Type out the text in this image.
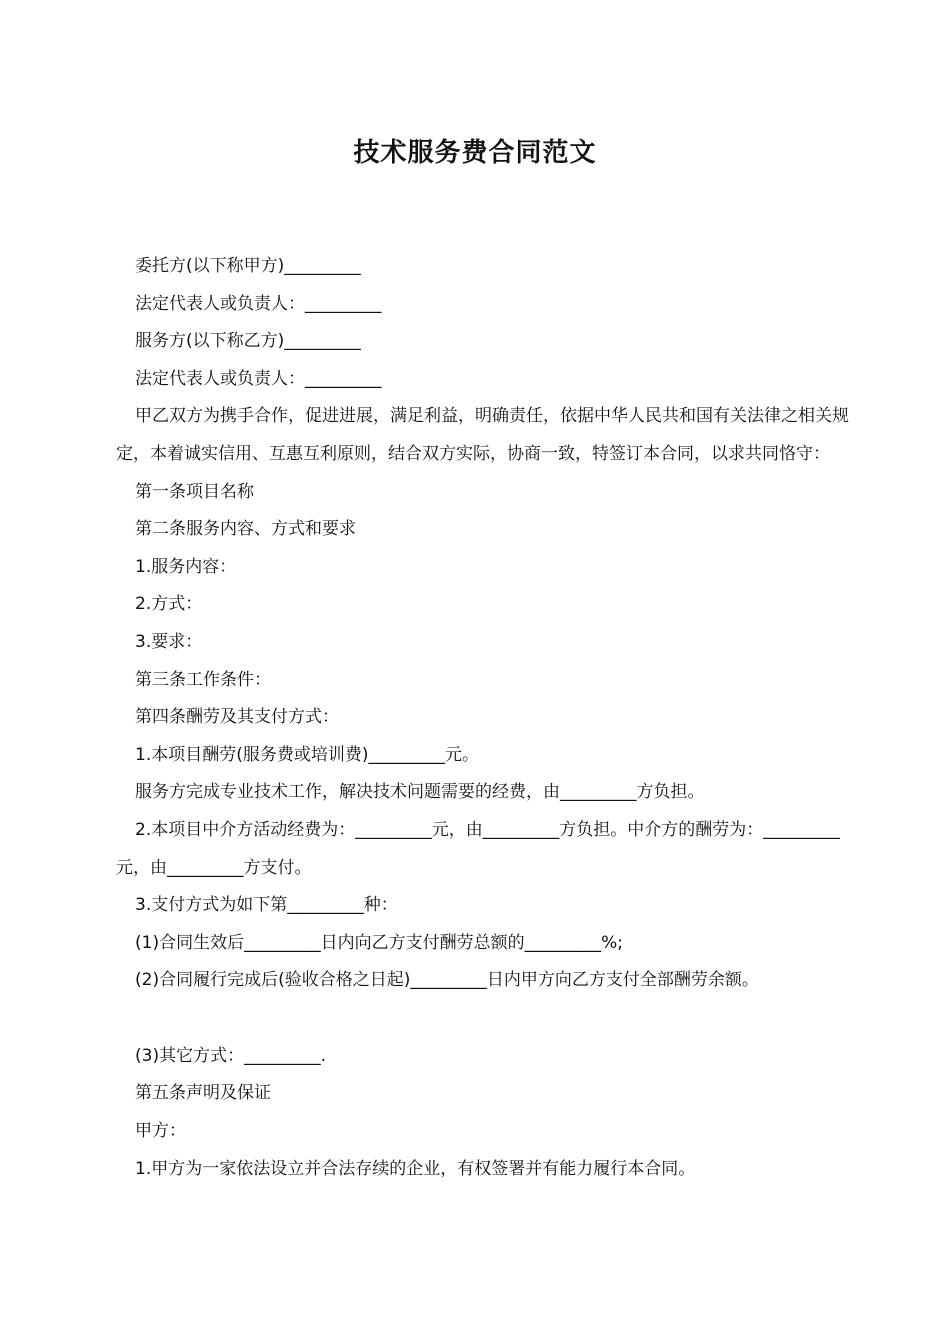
技术服务费合同范文

委托方(以下称甲方)_________

法定代表人或负责人：_________

服务方(以下称乙方)_________

法定代表人或负责人：_________

甲乙双方为携手合作，促进进展，满足利益，明确责任，依据中华人民共和国有关法律之相关规定，本着诚实信用、互惠互利原则，结合双方实际，协商一致，特签订本合同，以求共同恪守：

第一条项目名称

第二条服务内容、方式和要求

1.服务内容：

2.方式：

3.要求：

第三条工作条件：

第四条酬劳及其支付方式：

1.本项目酬劳(服务费或培训费)_________元。

服务方完成专业技术工作，解决技术问题需要的经费，由_________方负担。

2.本项目中介方活动经费为：_________元，由_________方负担。中介方的酬劳为：_________元，由_________方支付。

3.支付方式为如下第_________种：

(1)合同生效后_________日内向乙方支付酬劳总额的_________%;

(2)合同履行完成后(验收合格之日起)_________日内甲方向乙方支付全部酬劳余额。

(3)其它方式：_________.

第五条声明及保证

甲方：

1.甲方为一家依法设立并合法存续的企业，有权签署并有能力履行本合同。
